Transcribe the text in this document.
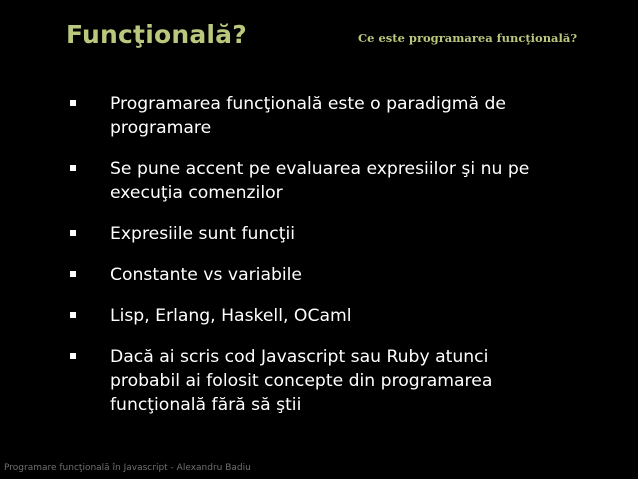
Funcţională?	Ce este programarea funcţională?
Programarea funcţională este o paradigmă de programare
Se pune accent pe evaluarea expresiilor şi nu pe execuţia comenzilor
Expresiile sunt funcţii
Constante vs variabile
Lisp, Erlang, Haskell, OCaml
Dacă ai scris cod Javascript sau Ruby atunci probabil ai folosit concepte din programarea funcţională fără să ştii
Programare funcţională în Javascript - Alexandru Badiu
